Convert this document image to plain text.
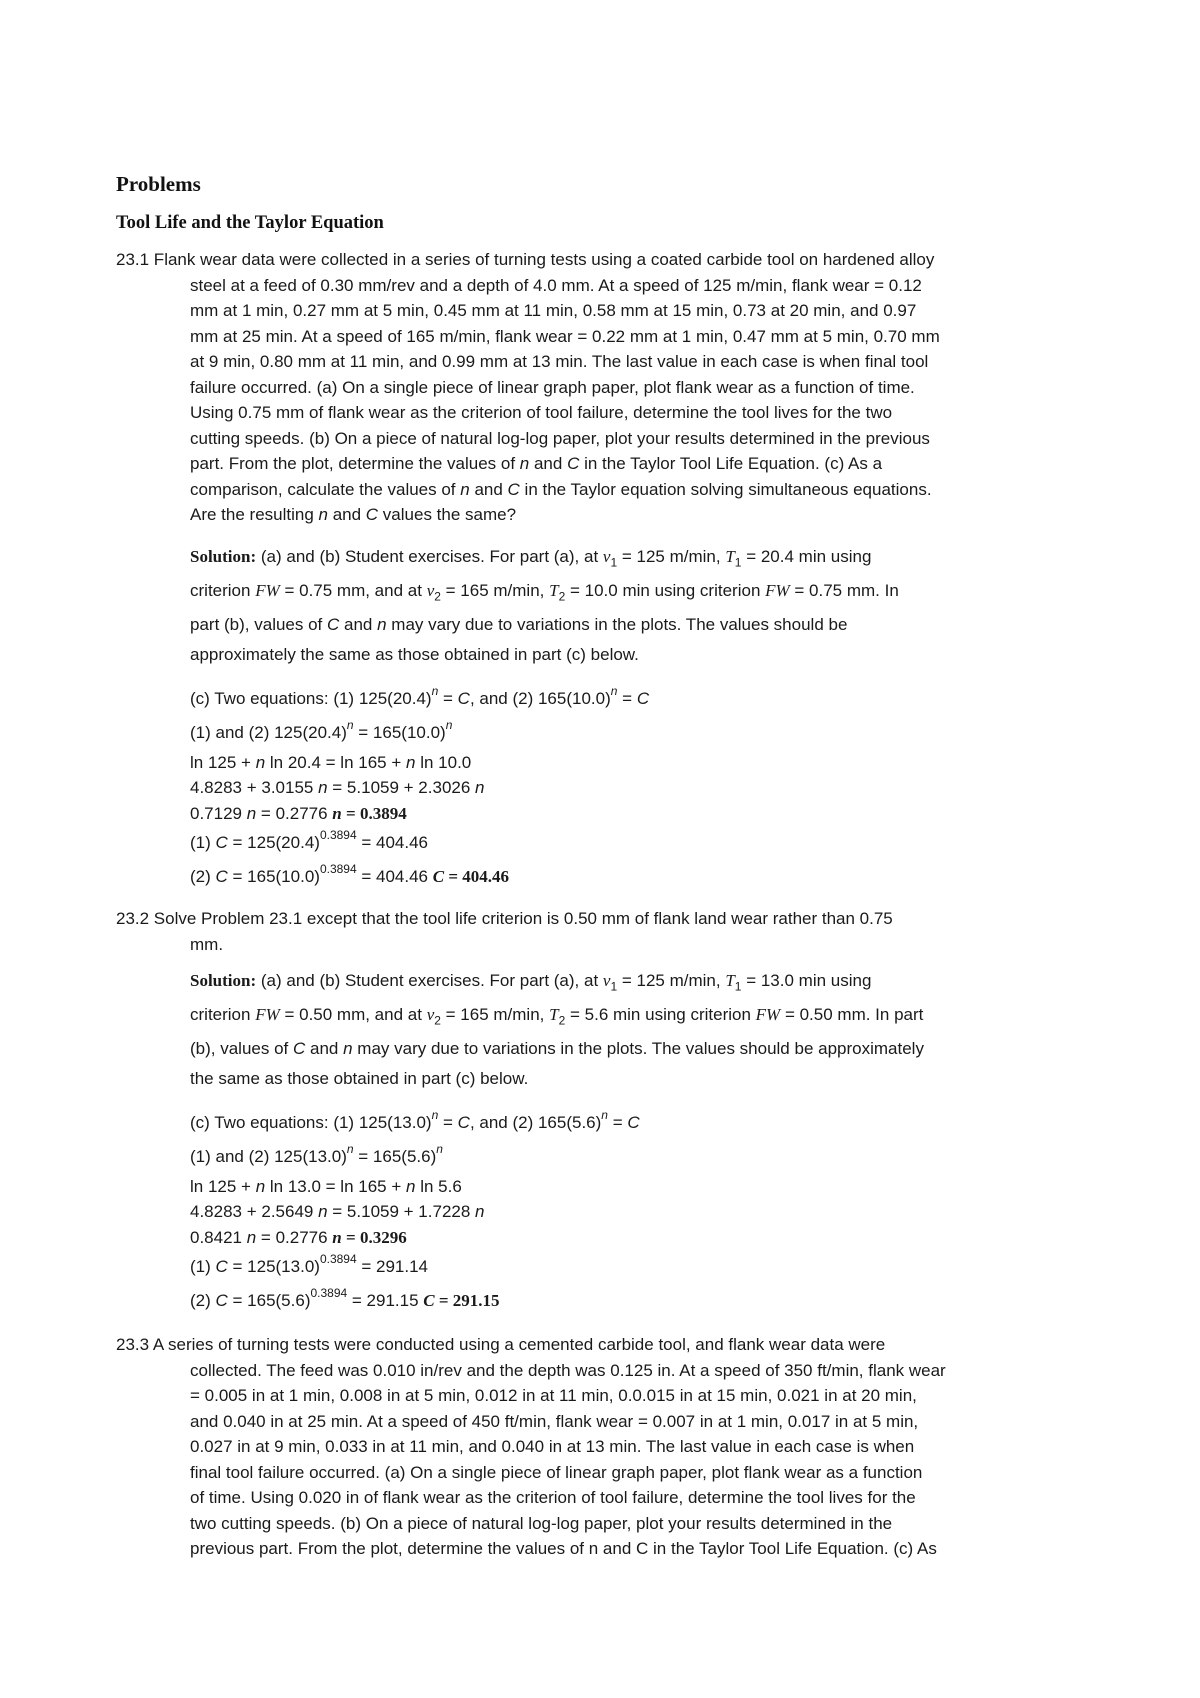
Problems
Tool Life and the Taylor Equation
23.1 Flank wear data were collected in a series of turning tests using a coated carbide tool on hardened alloy
steel at a feed of 0.30 mm/rev and a depth of 4.0 mm. At a speed of 125 m/min, flank wear = 0.12
mm at 1 min, 0.27 mm at 5 min, 0.45 mm at 11 min, 0.58 mm at 15 min, 0.73 at 20 min, and 0.97
mm at 25 min. At a speed of 165 m/min, flank wear = 0.22 mm at 1 min, 0.47 mm at 5 min, 0.70 mm
at 9 min, 0.80 mm at 11 min, and 0.99 mm at 13 min. The last value in each case is when final tool
failure occurred. (a) On a single piece of linear graph paper, plot flank wear as a function of time.
Using 0.75 mm of flank wear as the criterion of tool failure, determine the tool lives for the two
cutting speeds. (b) On a piece of natural log-log paper, plot your results determined in the previous
part. From the plot, determine the values of n and C in the Taylor Tool Life Equation. (c) As a
comparison, calculate the values of n and C in the Taylor equation solving simultaneous equations.
Are the resulting n and C values the same?
Solution: (a) and (b) Student exercises. For part (a), at $v_1 = 125$ m/min, $T_1 = 20.4$ min using
criterion FW = 0.75 mm, and at $v_2 = 165$ m/min, $T_2 = 10.0$ min using criterion FW = 0.75 mm. In
part (b), values of C and n may vary due to variations in the plots. The values should be
approximately the same as those obtained in part (c) below.
(c) Two equations: (1) $125(20.4)^n = C$, and (2) $165(10.0)^n = C$
(1) and (2) $125(20.4)^n = 165(10.0)^n$
ln 125 + n ln 20.4 = ln 165 + n ln 10.0
4.8283 + 3.0155 n = 5.1059 + 2.3026 n
0.7129 n = 0.2776 n = 0.3894
(1) $C = 125(20.4)^{0.3894} = 404.46$
(2) $C = 165(10.0)^{0.3894} = 404.46$ C = 404.46
23.2 Solve Problem 23.1 except that the tool life criterion is 0.50 mm of flank land wear rather than 0.75
mm.
Solution: (a) and (b) Student exercises. For part (a), at $v_1 = 125$ m/min, $T_1 = 13.0$ min using
criterion FW = 0.50 mm, and at $v_2 = 165$ m/min, $T_2 = 5.6$ min using criterion FW = 0.50 mm. In part
(b), values of C and n may vary due to variations in the plots. The values should be approximately
the same as those obtained in part (c) below.
(c) Two equations: (1) $125(13.0)^n = C$, and (2) $165(5.6)^n = C$
(1) and (2) $125(13.0)^n = 165(5.6)^n$
ln 125 + n ln 13.0 = ln 165 + n ln 5.6
4.8283 + 2.5649 n = 5.1059 + 1.7228 n
0.8421 n = 0.2776 n = 0.3296
(1) $C = 125(13.0)^{0.3894} = 291.14$
(2) $C = 165(5.6)^{0.3894} = 291.15$ C = 291.15
23.3 A series of turning tests were conducted using a cemented carbide tool, and flank wear data were
collected. The feed was 0.010 in/rev and the depth was 0.125 in. At a speed of 350 ft/min, flank wear
= 0.005 in at 1 min, 0.008 in at 5 min, 0.012 in at 11 min, 0.0.015 in at 15 min, 0.021 in at 20 min,
and 0.040 in at 25 min. At a speed of 450 ft/min, flank wear = 0.007 in at 1 min, 0.017 in at 5 min,
0.027 in at 9 min, 0.033 in at 11 min, and 0.040 in at 13 min. The last value in each case is when
final tool failure occurred. (a) On a single piece of linear graph paper, plot flank wear as a function
of time. Using 0.020 in of flank wear as the criterion of tool failure, determine the tool lives for the
two cutting speeds. (b) On a piece of natural log-log paper, plot your results determined in the
previous part. From the plot, determine the values of n and C in the Taylor Tool Life Equation. (c) As
